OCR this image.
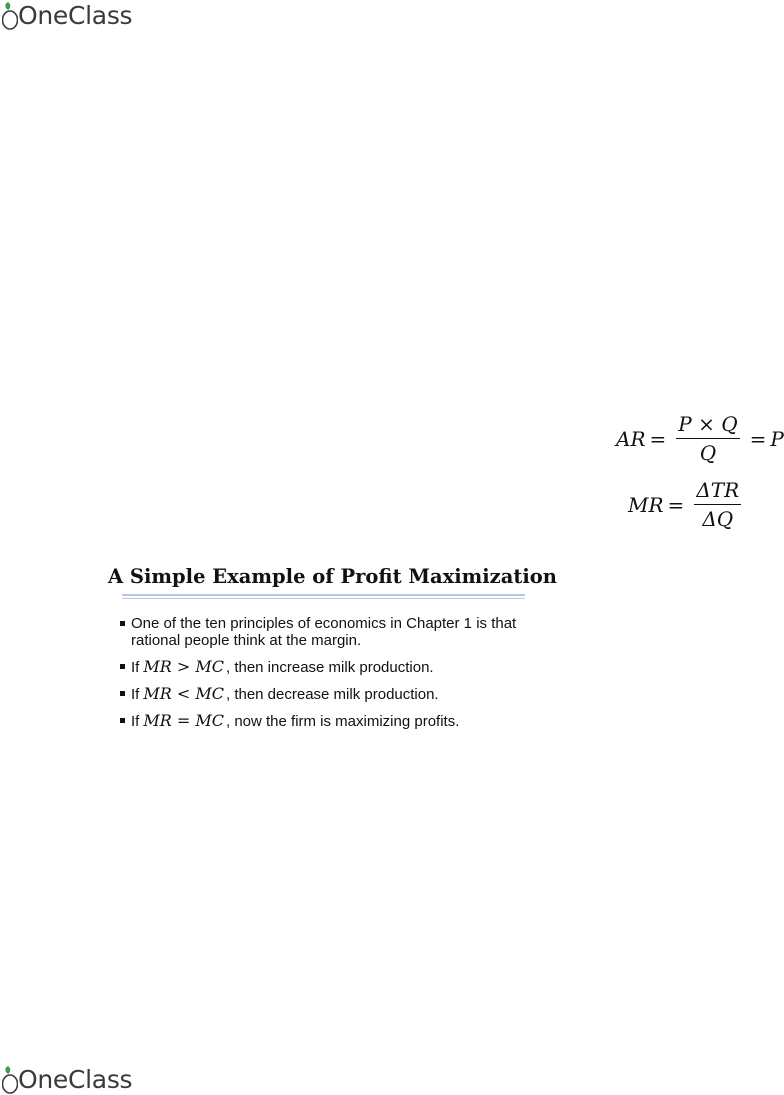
OneClass
AR = $\frac{P \times Q}{Q} = P$
MR = $\frac{\text{ΔTR}}{\Delta Q}$
A Simple Example of Profit Maximization
One of the ten principles of economics in Chapter 1 is that rational people think at the margin.
If MR > MC , then increase milk production.
If MR < MC , then decrease milk production.
If MR = MC , now the firm is maximizing profits.
OneClass
